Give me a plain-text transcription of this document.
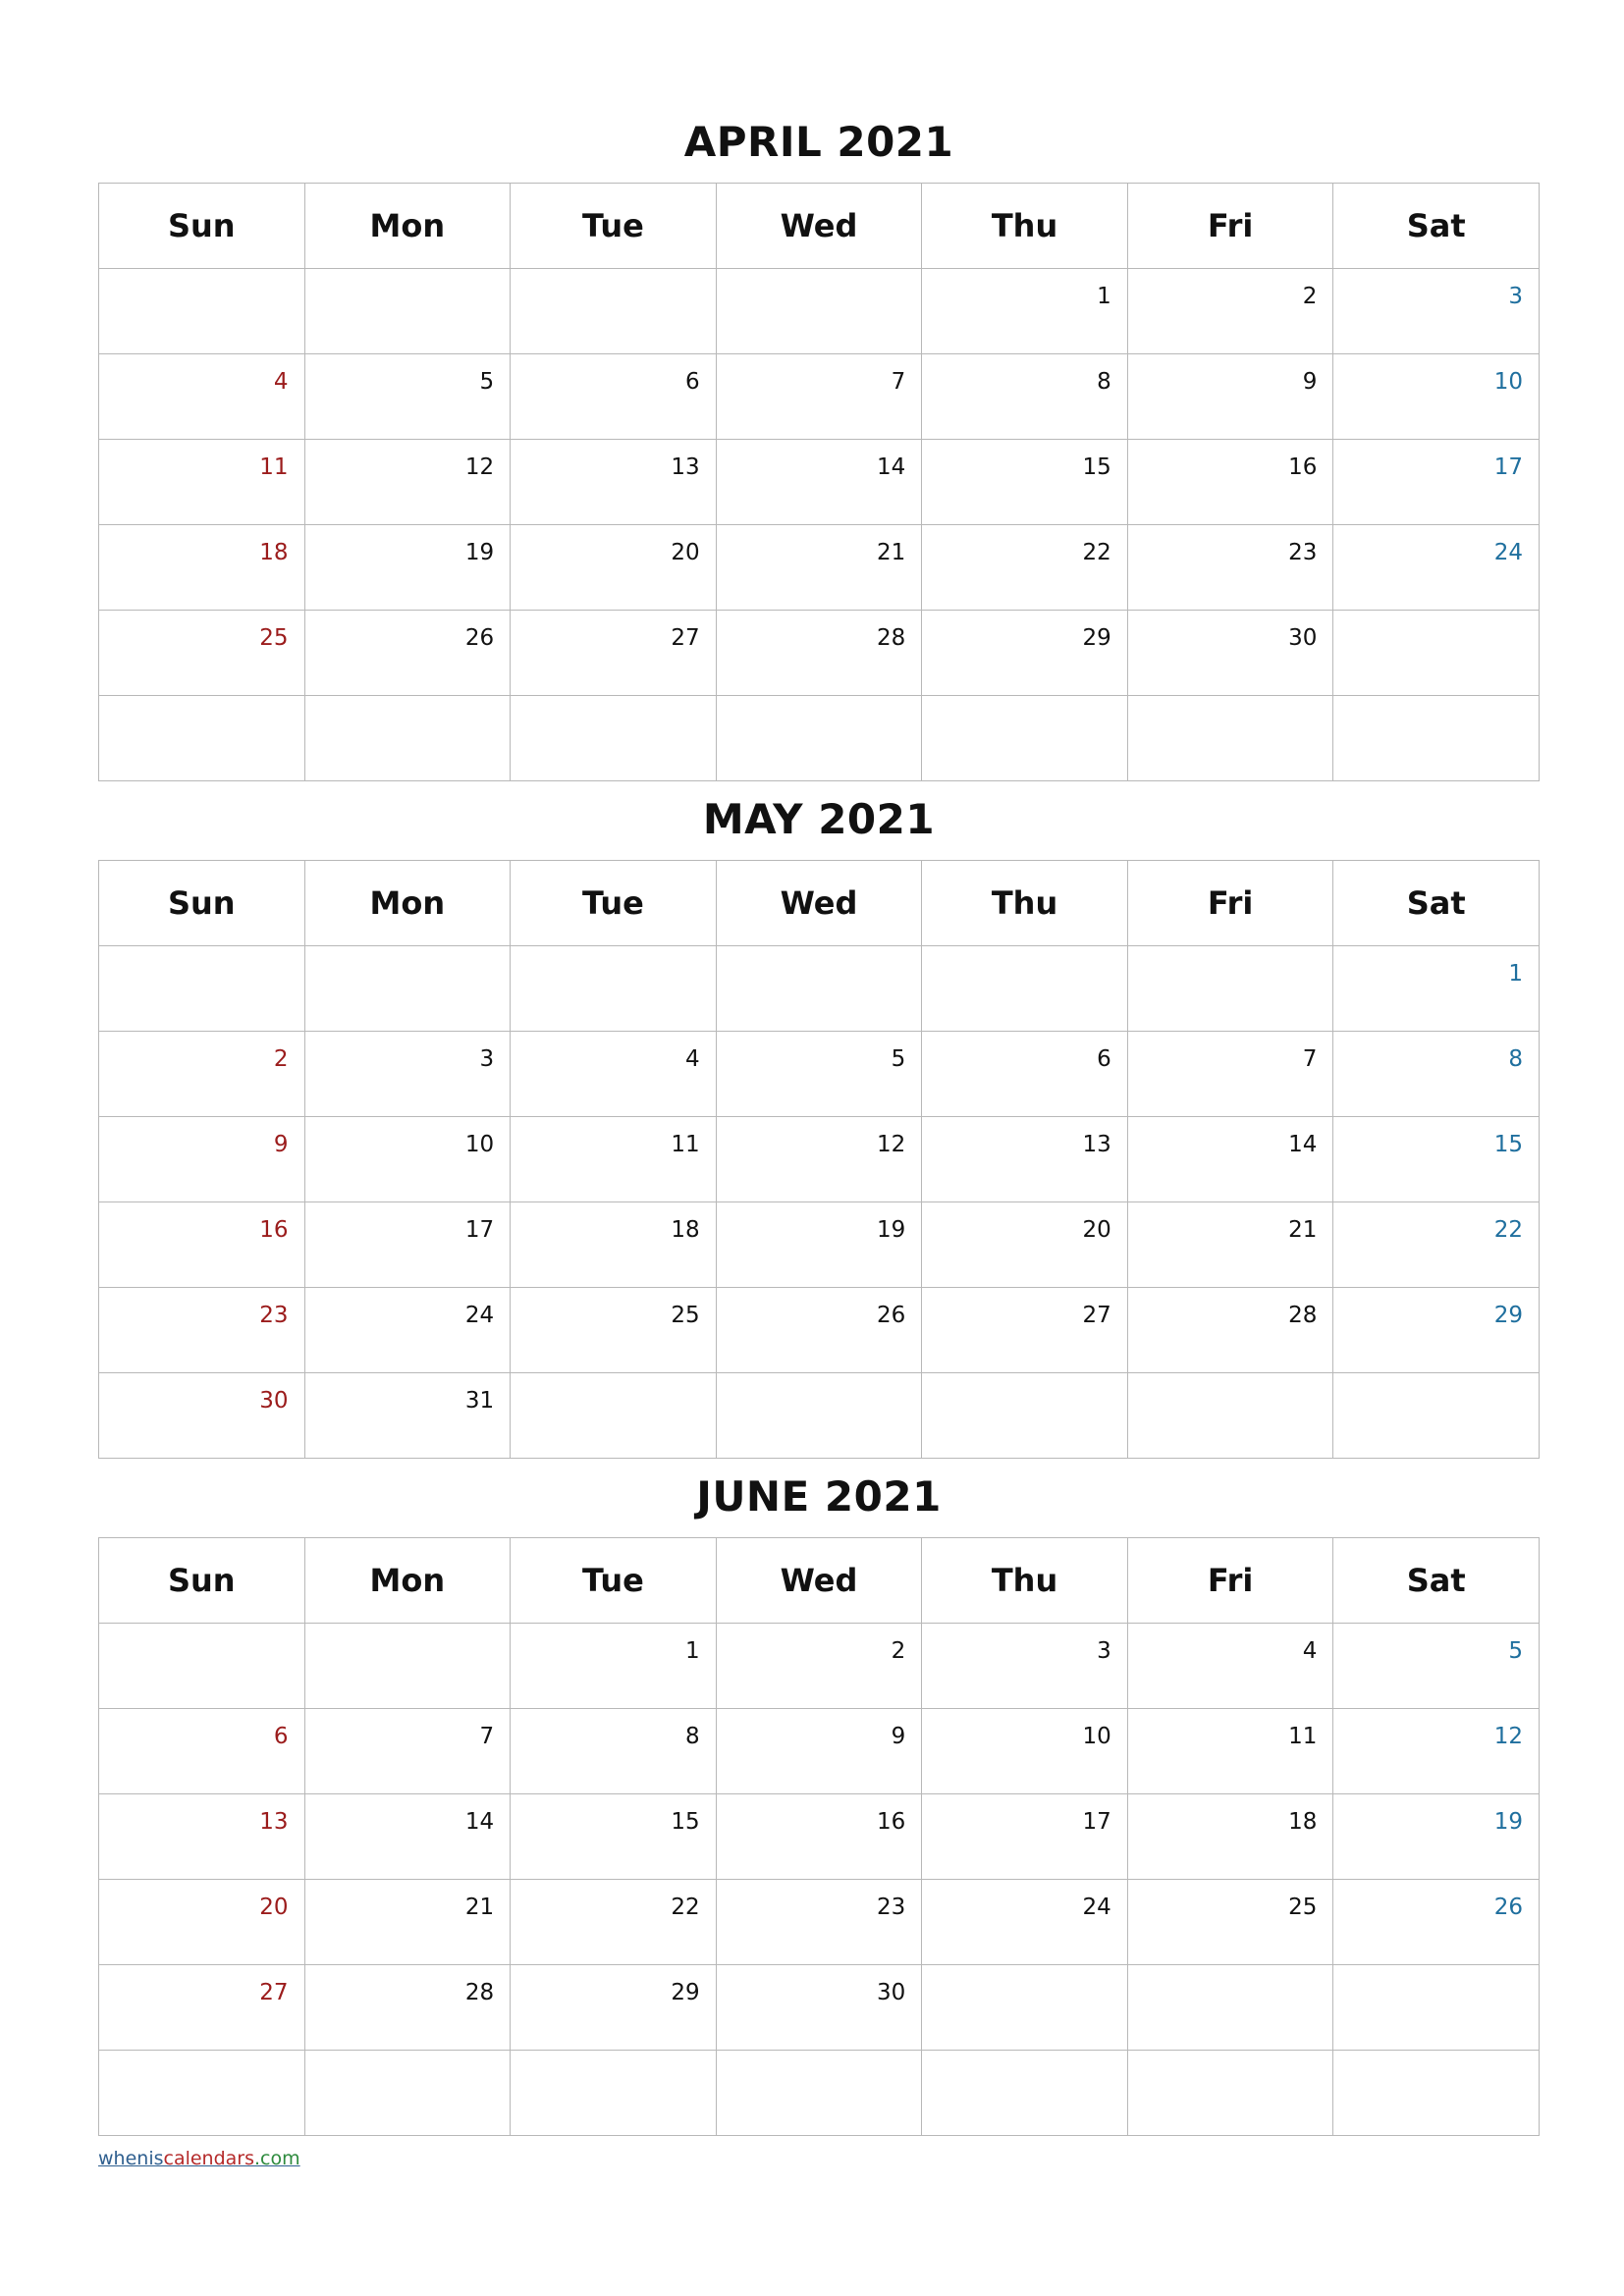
APRIL 2021
Sun	Mon	Tue	Wed	Thu	Fri	Sat
				1	2	3
4	5	6	7	8	9	10
11	12	13	14	15	16	17
18	19	20	21	22	23	24
25	26	27	28	29	30	

MAY 2021
Sun	Mon	Tue	Wed	Thu	Fri	Sat
						1
2	3	4	5	6	7	8
9	10	11	12	13	14	15
16	17	18	19	20	21	22
23	24	25	26	27	28	29
30	31					
JUNE 2021
Sun	Mon	Tue	Wed	Thu	Fri	Sat
		1	2	3	4	5
6	7	8	9	10	11	12
13	14	15	16	17	18	19
20	21	22	23	24	25	26
27	28	29	30			

wheniscalendars.com
